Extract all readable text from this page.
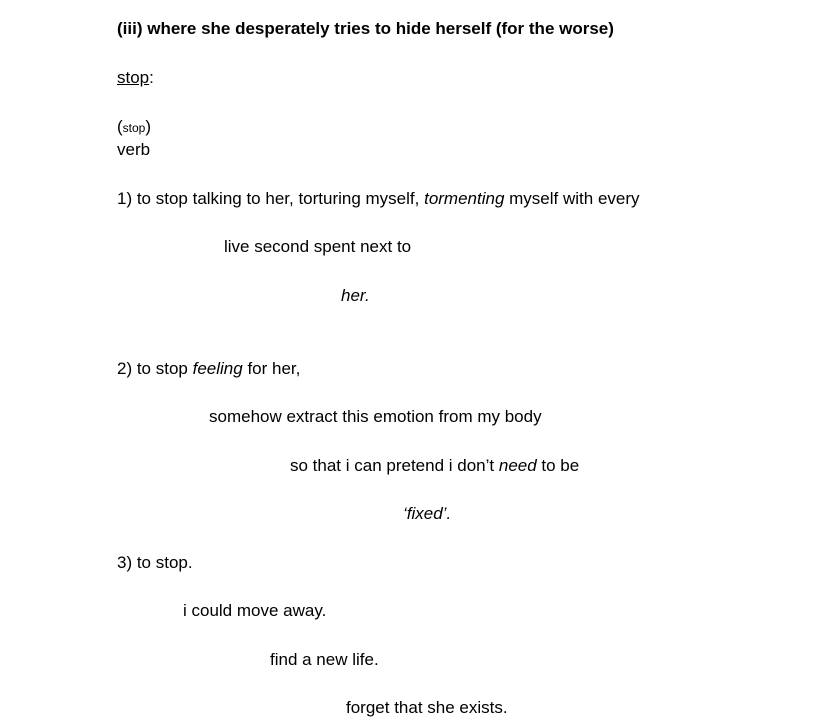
(iii) where she desperately tries to hide herself (for the worse)
stop:
(stop)
verb
1) to stop talking to her, torturing myself, tormenting myself with every
live second spent next to
her.
2) to stop feeling for her,
somehow extract this emotion from my body
so that i can pretend i don’t need to be
‘fixed’.
3) to stop.
i could move away.
find a new life.
forget that she exists.
